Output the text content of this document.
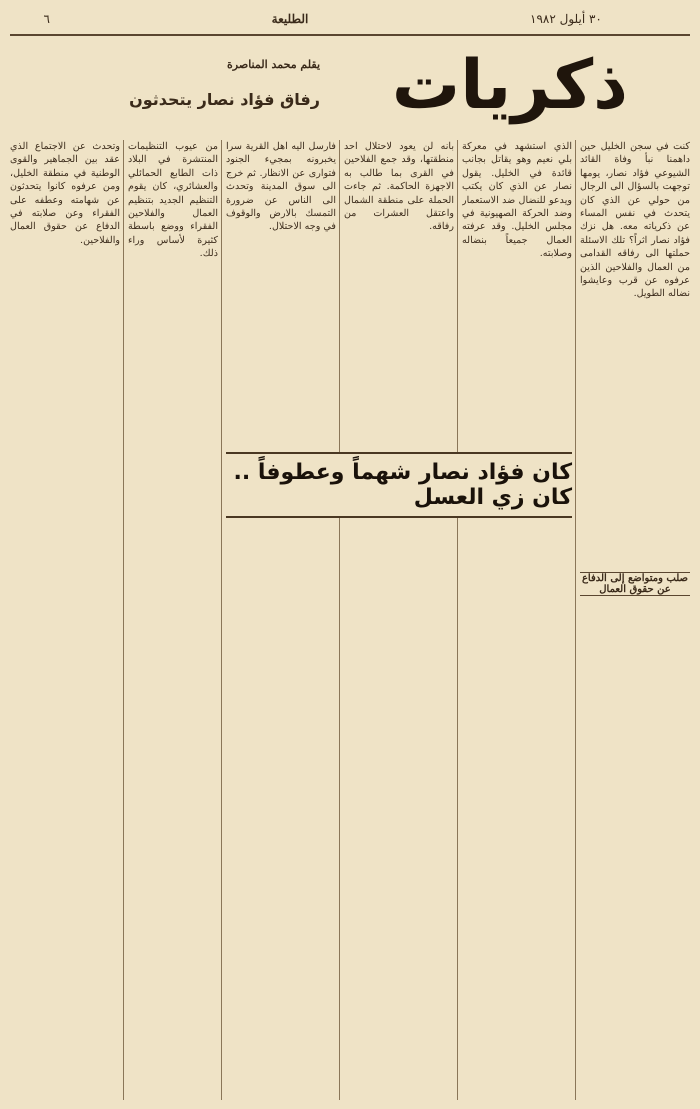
٦	الطليعة	٣٠ أيلول ١٩٨٢
ذكريات
يقلم محمد المناصرة
رفاق فؤاد نصار يتحدثون

كنت في سجن الخليل حين داهمنا نبأ وفاة القائد الشيوعي فؤاد نصار، يومها توجهت بالسؤال الى الرجال من حولي عن الذي كان يتحدث في نفس المساء عن ذكرياته معه. هل نزك فؤاد نصار اثراً؟ تلك الاسئلة حملتها الى رفاقه القدامى من العمال والفلاحين الذين عرفوه عن قرب وعايشوا نضاله الطويل.

الذي استشهد في معركة بلي نعيم وهو يقاتل بجانب قائدة في الخليل. يقول نصار عن الذي كان يكتب ويدعو للنضال ضد الاستعمار وضد الحركة الصهيونية في مجلس الخليل. وقد عرفته العمال جميعاً بنضاله وصلابته.

بانه لن يعود لاحتلال احد منطقتها، وقد جمع الفلاحين في القرى بما طالب به الاجهزة الحاكمة. ثم جاءت الحملة على منطقة الشمال واعتقل العشرات من رفاقه.

فارسل اليه اهل القرية سرا يخبرونه بمجيء الجنود فتوارى عن الانظار. ثم خرج الى سوق المدينة وتحدث الى الناس عن ضرورة التمسك بالارض والوقوف في وجه الاحتلال.

من عيوب التنظيمات المنتشرة في البلاد ذات الطابع الحمائلي والعشائري، كان يقوم التنظيم الجديد بتنظيم العمال والفلاحين الفقراء ووضع باسطة كثيرة لأساس وراء ذلك.

وتحدث عن الاجتماع الذي عقد بين الجماهير والقوى الوطنية في منطقة الخليل، ومن عرفوه كانوا يتحدثون عن شهامته وعطفه على الفقراء وعن صلابته في الدفاع عن حقوق العمال والفلاحين.

كان فؤاد نصار شهماً وعطوفاً .. كان زي العسل
صلب ومتواضع إلى الدفاع عن حقوق العمال
